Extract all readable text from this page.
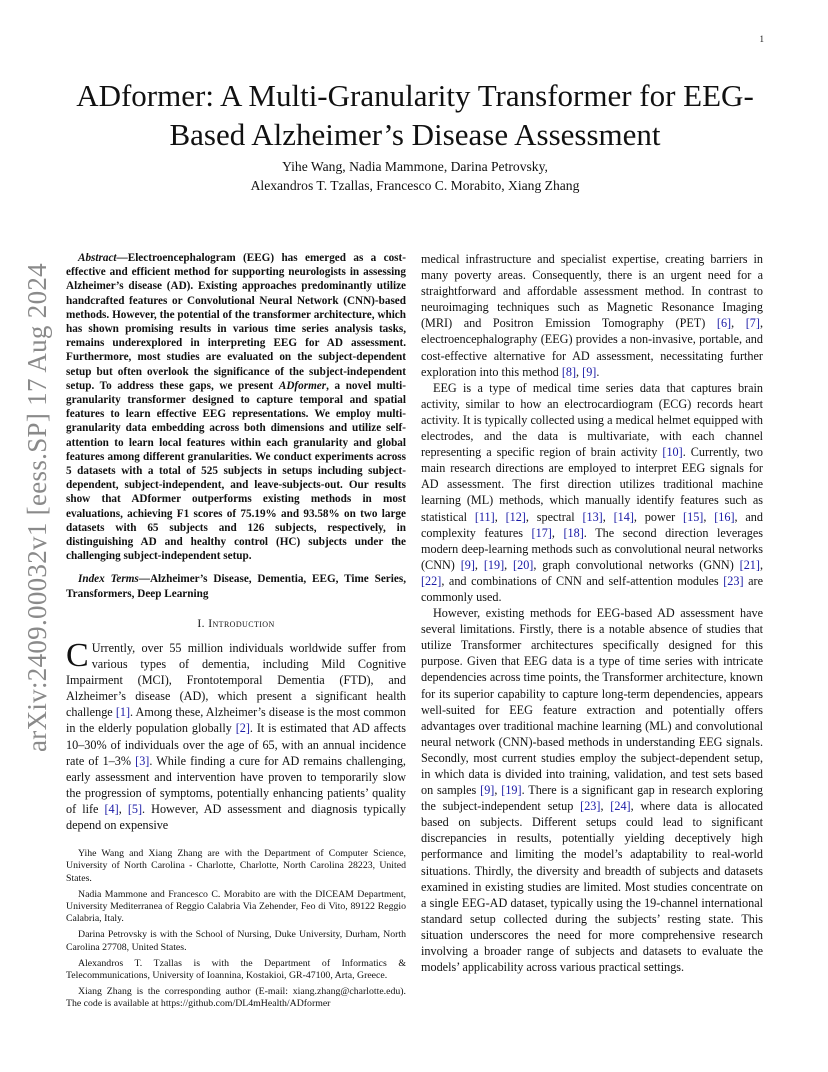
1
arXiv:2409.00032v1 [eess.SP] 17 Aug 2024
ADformer: A Multi-Granularity Transformer for EEG-Based Alzheimer’s Disease Assessment
Yihe Wang, Nadia Mammone, Darina Petrovsky,
Alexandros T. Tzallas, Francesco C. Morabito, Xiang Zhang

Abstract—Electroencephalogram (EEG) has emerged as a cost-effective and efficient method for supporting neurologists in assessing Alzheimer’s disease (AD). Existing approaches predominantly utilize handcrafted features or Convolutional Neural Network (CNN)-based methods. However, the potential of the transformer architecture, which has shown promising results in various time series analysis tasks, remains underexplored in interpreting EEG for AD assessment. Furthermore, most studies are evaluated on the subject-dependent setup but often overlook the significance of the subject-independent setup. To address these gaps, we present ADformer, a novel multi-granularity transformer designed to capture temporal and spatial features to learn effective EEG representations. We employ multi-granularity data embedding across both dimensions and utilize self-attention to learn local features within each granularity and global features among different granularities. We conduct experiments across 5 datasets with a total of 525 subjects in setups including subject-dependent, subject-independent, and leave-subjects-out. Our results show that ADformer outperforms existing methods in most evaluations, achieving F1 scores of 75.19% and 93.58% on two large datasets with 65 subjects and 126 subjects, respectively, in distinguishing AD and healthy control (HC) subjects under the challenging subject-independent setup.

Index Terms—Alzheimer’s Disease, Dementia, EEG, Time Series, Transformers, Deep Learning

I. Introduction

C Urrently, over 55 million individuals worldwide suffer from various types of dementia, including Mild Cognitive Impairment (MCI), Frontotemporal Dementia (FTD), and Alzheimer’s disease (AD), which present a significant health challenge [1]. Among these, Alzheimer’s disease is the most common in the elderly population globally [2]. It is estimated that AD affects 10–30% of individuals over the age of 65, with an annual incidence rate of 1–3% [3]. While finding a cure for AD remains challenging, early assessment and intervention have proven to temporarily slow the progression of symptoms, potentially enhancing patients’ quality of life [4], [5]. However, AD assessment and diagnosis typically depend on expensive

Yihe Wang and Xiang Zhang are with the Department of Computer Science, University of North Carolina - Charlotte, Charlotte, North Carolina 28223, United States.

Nadia Mammone and Francesco C. Morabito are with the DICEAM Department, University Mediterranea of Reggio Calabria Via Zehender, Feo di Vito, 89122 Reggio Calabria, Italy.

Darina Petrovsky is with the School of Nursing, Duke University, Durham, North Carolina 27708, United States.

Alexandros T. Tzallas is with the Department of Informatics & Telecommunications, University of Ioannina, Kostakioi, GR-47100, Arta, Greece.

Xiang Zhang is the corresponding author (E-mail: xiang.zhang@charlotte.edu). The code is available at https://github.com/DL4mHealth/ADformer

medical infrastructure and specialist expertise, creating barriers in many poverty areas. Consequently, there is an urgent need for a straightforward and affordable assessment method. In contrast to neuroimaging techniques such as Magnetic Resonance Imaging (MRI) and Positron Emission Tomography (PET) [6], [7], electroencephalography (EEG) provides a non-invasive, portable, and cost-effective alternative for AD assessment, necessitating further exploration into this method [8], [9].

EEG is a type of medical time series data that captures brain activity, similar to how an electrocardiogram (ECG) records heart activity. It is typically collected using a medical helmet equipped with electrodes, and the data is multivariate, with each channel representing a specific region of brain activity [10]. Currently, two main research directions are employed to interpret EEG signals for AD assessment. The first direction utilizes traditional machine learning (ML) methods, which manually identify features such as statistical [11], [12], spectral [13], [14], power [15], [16], and complexity features [17], [18]. The second direction leverages modern deep-learning methods such as convolutional neural networks (CNN) [9], [19], [20], graph convolutional networks (GNN) [21], [22], and combinations of CNN and self-attention modules [23] are commonly used.

However, existing methods for EEG-based AD assessment have several limitations. Firstly, there is a notable absence of studies that utilize Transformer architectures specifically designed for this purpose. Given that EEG data is a type of time series with intricate dependencies across time points, the Transformer architecture, known for its superior capability to capture long-term dependencies, appears well-suited for EEG feature extraction and potentially offers advantages over traditional machine learning (ML) and convolutional neural network (CNN)-based methods in understanding EEG signals. Secondly, most current studies employ the subject-dependent setup, in which data is divided into training, validation, and test sets based on samples [9], [19]. There is a significant gap in research exploring the subject-independent setup [23], [24], where data is allocated based on subjects. Different setups could lead to significant discrepancies in results, potentially yielding deceptively high performance and limiting the model’s adaptability to real-world situations. Thirdly, the diversity and breadth of subjects and datasets examined in existing studies are limited. Most studies concentrate on a single EEG-AD dataset, typically using the 19-channel international standard setup collected during the subjects’ resting state. This situation underscores the need for more comprehensive research involving a broader range of subjects and datasets to evaluate the models’ applicability across various practical settings.
